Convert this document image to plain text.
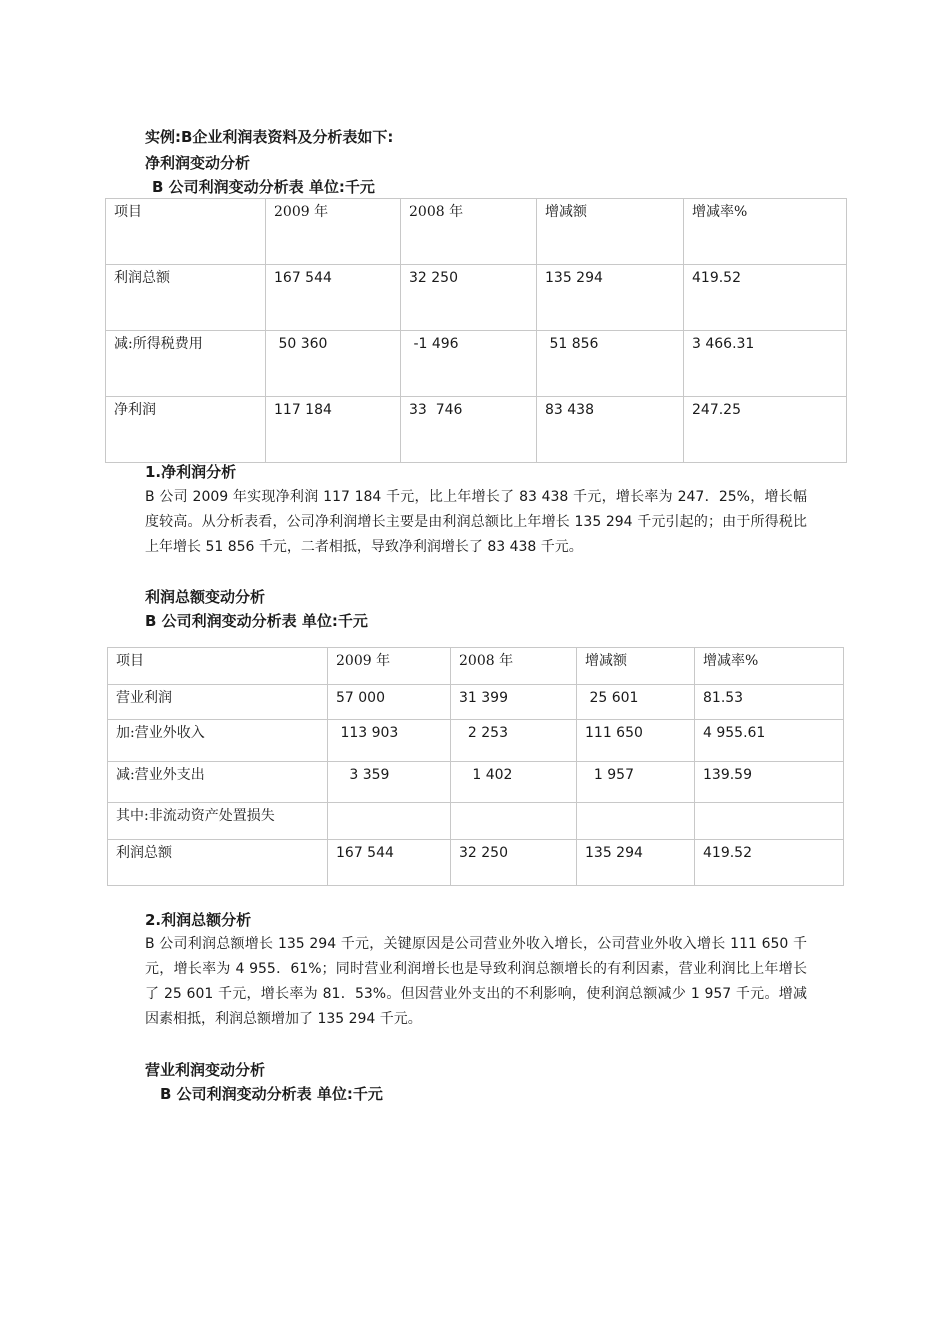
实例:B企业利润表资料及分析表如下:
净利润变动分析
B 公司利润变动分析表 单位:千元
项目	2009 年	2008 年	增减额	增减率%
利润总额	167 544	32 250	135 294	419.52
减:所得税费用	50 360	-1 496	51 856	3 466.31
净利润	117 184	33  746	83 438	247.25
1.净利润分析
B 公司 2009 年实现净利润 117 184 千元，比上年增长了 83 438 千元，增长率为 247．25%，增长幅度较高。从分析表看，公司净利润增长主要是由利润总额比上年增长 135 294 千元引起的；由于所得税比上年增长 51 856 千元，二者相抵，导致净利润增长了 83 438 千元。
利润总额变动分析
B 公司利润变动分析表 单位:千元
项目	2009 年	2008 年	增减额	增减率%
营业利润	57 000	31 399	25 601	81.53
加:营业外收入	113 903	2 253	111 650	4 955.61
减:营业外支出	3 359	1 402	1 957	139.59
其中:非流动资产处置损失				
利润总额	167 544	32 250	135 294	419.52
2.利润总额分析
B 公司利润总额增长 135 294 千元，关键原因是公司营业外收入增长，公司营业外收入增长 111 650 千元，增长率为 4 955．61%；同时营业利润增长也是导致利润总额增长的有利因素，营业利润比上年增长了 25 601 千元，增长率为 81．53%。但因营业外支出的不利影响，使利润总额减少 1 957 千元。增减因素相抵，利润总额增加了 135 294 千元。
营业利润变动分析
B 公司利润变动分析表 单位:千元
